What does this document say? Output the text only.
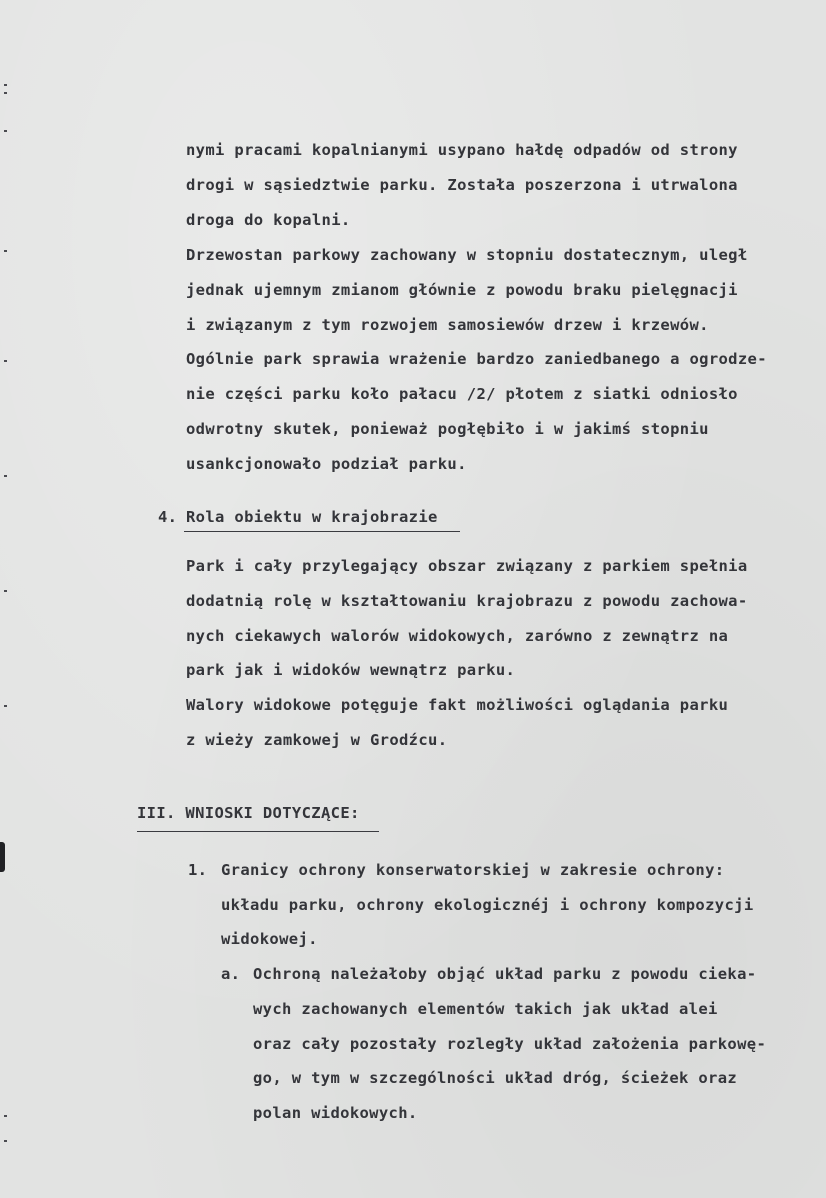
nymi pracami kopalnianymi usypano hałdę odpadów od strony
drogi w sąsiedztwie parku. Została poszerzona i utrwalona
droga do kopalni.
Drzewostan parkowy zachowany w stopniu dostatecznym, uległ
jednak ujemnym zmianom głównie z powodu braku pielęgnacji
i związanym z tym rozwojem samosiewów drzew i krzewów.
Ogólnie park sprawia wrażenie bardzo zaniedbanego a ogrodze-
nie części parku koło pałacu /2/ płotem z siatki odniosło
odwrotny skutek, ponieważ pogłębiło i w jakimś stopniu
usankcjonowało podział parku.
4. Rola obiektu w krajobrazie
Park i cały przylegający obszar związany z parkiem spełnia
dodatnią rolę w kształtowaniu krajobrazu z powodu zachowa-
nych ciekawych walorów widokowych, zarówno z zewnątrz na
park jak i widoków wewnątrz parku.
Walory widokowe potęguje fakt możliwości oglądania parku
z wieży zamkowej w Grodźcu.
III. WNIOSKI DOTYCZĄCE:
1. Granicy ochrony konserwatorskiej w zakresie ochrony:
układu parku, ochrony ekologicznéj i ochrony kompozycji
widokowej.
a. Ochroną należałoby objąć układ parku z powodu cieka-
wych zachowanych elementów takich jak układ alei
oraz cały pozostały rozległy układ założenia parkowę-
go, w tym w szczególności układ dróg, ścieżek oraz
polan widokowych.
